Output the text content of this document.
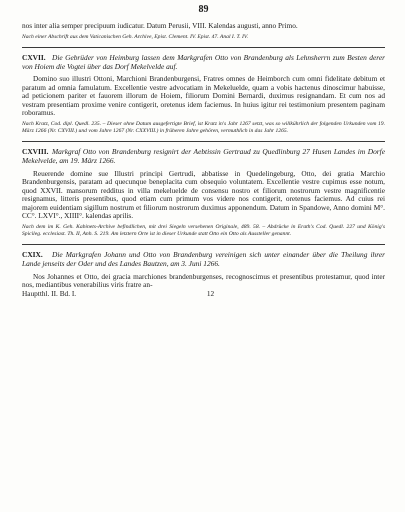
89

nos inter alia semper precipuum iudicatur. Datum Perusii, VIII. Kalendas augusti, anno Primo.

Nach einer Abschrift aus dem Vaticanischen Geh. Archive, Epist. Clement. IV. Epist. 47. Anal I. T. IV.

CXVII. Die Gebrüder von Heimburg lassen dem Markgrafen Otto von Brandenburg als Lehnsherrn zum Besten derer von Hoiem die Vogtei über das Dorf Mekelvelde auf.

Domino suo illustri Ottoni, Marchioni Brandenburgensi, Fratres omnes de Heimborch cum omni fidelitate debitum et paratum ad omnia famulatum. Excellentie vestre advocatiam in Mekeluelde, quam a vobis hactenus dinoscimur habuisse, ad peticionem pariter et fauorem illorum de Hoiem, filiorum Domini Bernardi, duximus resignandam. Et cum nos ad vestram presentiam proxime venire contigerit, oretenus idem faciemus. In huius igitur rei testimonium presentem paginam roboramus.

Nach Kratz, Cod. dipl. Quedl. 235. – Dieser ohne Datum ausgefertigte Brief, ist Kratz in's Jahr 1267 setzt, was so willkührlich der folgenden Urkunden vom 19. März 1266 (Nr. CXVIII.) und vom Jahre 1267 (Nr. CXXVIII.) in früheren Jahre gehören, vermuthlich in das Jahr 1265.

CXVIII. Markgraf Otto von Brandenburg resignirt der Aebtissin Gertraud zu Quedlinburg 27 Husen Landes im Dorfe Mekelvelde, am 19. März 1266.

Reuerende domine sue Illustri principi Gertrudi, abbatisse in Quedelingeburg, Otto, dei gratia Marchio Brandenburgensis, paratam ad quecunque beneplacita cum obsequio voluntatem. Excellentie vestre cupimus esse notum, quod XXVII. mansorum redditus in villa mekeluelde de consensu nostro et filiorum nostrorum vestre magnificentie resignamus, litteris presentibus, quod etiam cum primum vos videre nos contigerit, oretenus faciemus. Ad cuius rei majorem euidentiam sigillum nostrum et filiorum nostrorum duximus apponendum. Datum in Spandowe, Anno domini M°. CC°. LXVI°., XIIII°. kalendas aprilis.

Nach dem im K. Geh. Kabinets-Archive befindlichen, mit drei Siegeln versehenen Originale, 489. 58. – Abdrücke in Erath's Cod. Quedl. 227 und König's Spicileg. ecclesiast. Th. II, Anh. S. 219. Am letztern Orte ist in dieser Urkunde statt Otto ein Otto als Aussteller genannt.

CXIX. Die Markgrafen Johann und Otto von Brandenburg vereinigen sich unter einander über die Theilung ihrer Lande jenseits der Oder und des Landes Bautzen, am 3. Juni 1266.

Nos Johannes et Otto, dei gracia marchiones brandenburgenses, recognoscimus et presentibus protestamur, quod inter nos, mediantibus venerabilius viris fratre an-

Hauptthl. II. Bd. I.	12
